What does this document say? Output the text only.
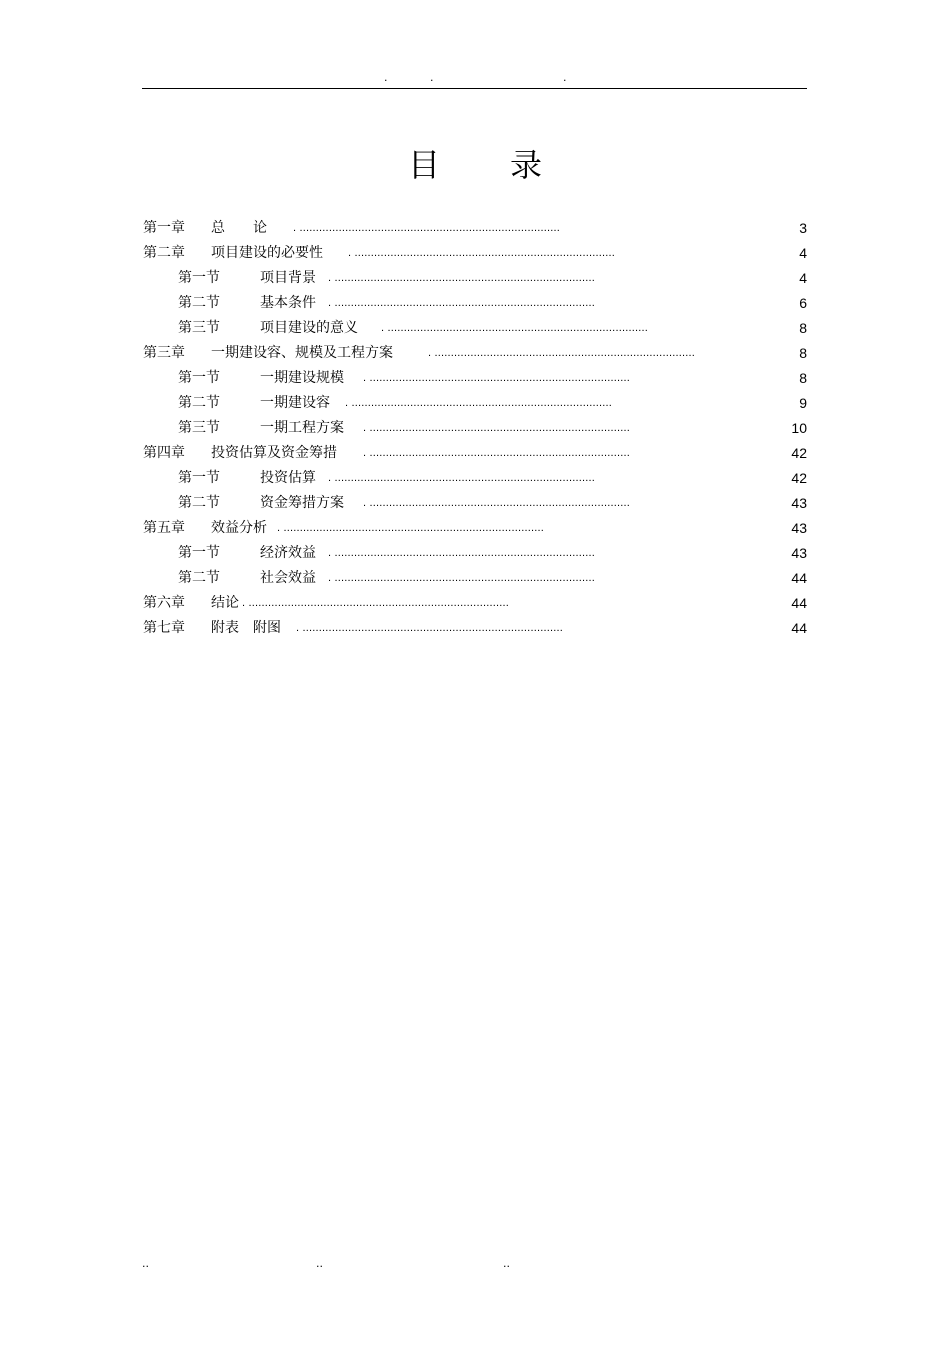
.	.	.
目录
第一章 总　　论 . ................................................................................	3
第二章 项目建设的必要性 . ................................................................................	4
第一节	项目背景 . ................................................................................	4
第二节	基本条件 . ................................................................................	6
第三节	项目建设的意义 . ................................................................................	8
第三章 一期建设容、规模及工程方案	. ................................................................................	8
第一节	一期建设规模 . ................................................................................	8
第二节	一期建设容 . ................................................................................	9
第三节	一期工程方案 . ................................................................................	10
第四章 投资估算及资金筹措 . ................................................................................	42
第一节	投资估算 . ................................................................................	42
第二节	资金筹措方案 . ................................................................................	43
第五章 效益分析 . ................................................................................	43
第一节	经济效益 . ................................................................................	43
第二节	社会效益 . ................................................................................	44
第六章 结论 . ................................................................................	44
第七章 附表　附图 . ................................................................................	44
..	..	..
